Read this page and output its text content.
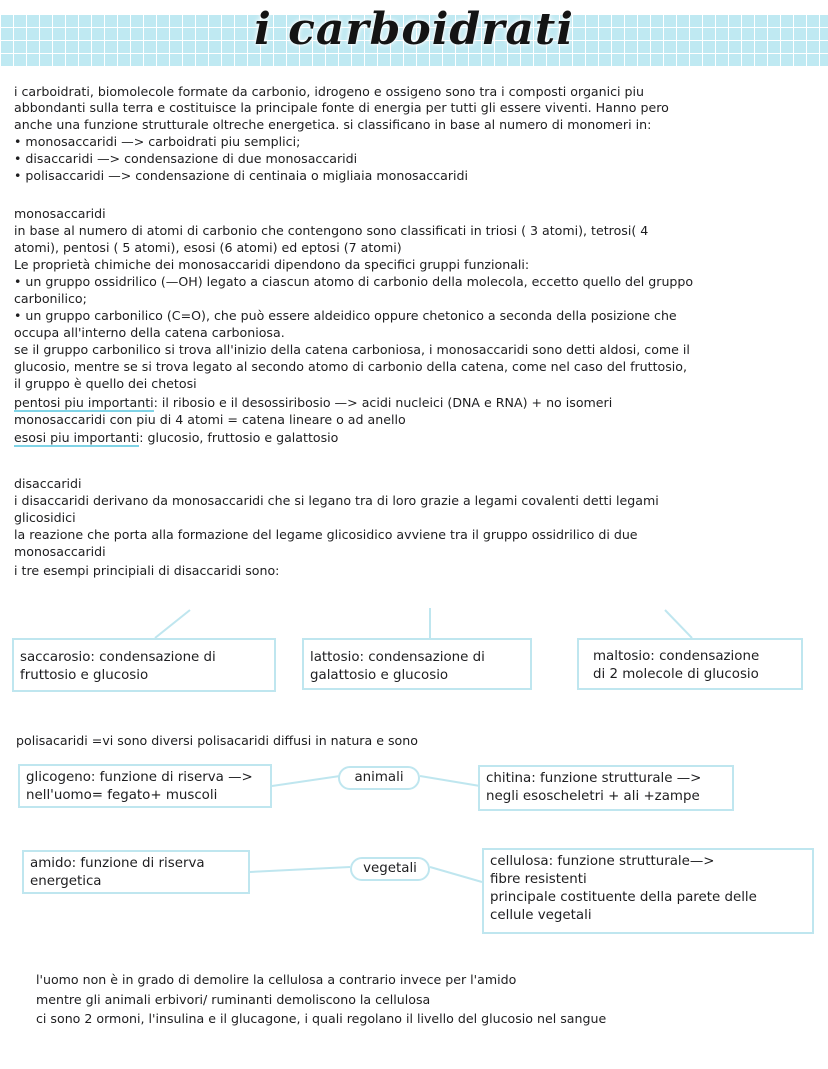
i carboidrati

i carboidrati, biomolecole formate da carbonio, idrogeno e ossigeno sono tra i composti organici piu

abbondanti sulla terra e costituisce la principale fonte di energia per tutti gli essere viventi. Hanno pero

anche una funzione strutturale oltreche energetica. si classificano in base al numero di monomeri in:

• monosaccaridi —> carboidrati piu semplici;

• disaccaridi —> condensazione di due monosaccaridi

• polisaccaridi —> condensazione di centinaia o migliaia monosaccaridi

monosaccaridi

in base al numero di atomi di carbonio che contengono sono classificati in triosi ( 3 atomi), tetrosi( 4

atomi), pentosi ( 5 atomi), esosi (6 atomi) ed eptosi (7 atomi)

Le proprietà chimiche dei monosaccaridi dipendono da specifici gruppi funzionali:

• un gruppo ossidrilico (—OH) legato a ciascun atomo di carbonio della molecola, eccetto quello del gruppo

carbonilico;

• un gruppo carbonilico (C=O), che può essere aldeidico oppure chetonico a seconda della posizione che

occupa all'interno della catena carboniosa.

se il gruppo carbonilico si trova all'inizio della catena carboniosa, i monosaccaridi sono detti aldosi, come il

glucosio, mentre se si trova legato al secondo atomo di carbonio della catena, come nel caso del fruttosio,

il gruppo è quello dei chetosi

pentosi piu importanti: il ribosio e il desossiribosio —> acidi nucleici (DNA e RNA) + no isomeri

monosaccaridi con piu di 4 atomi = catena lineare o ad anello

esosi piu importanti: glucosio, fruttosio e galattosio

disaccaridi

i disaccaridi derivano da monosaccaridi che si legano tra di loro grazie a legami covalenti detti legami

glicosidici

la reazione che porta alla formazione del legame glicosidico avviene tra il gruppo ossidrilico di due

monosaccaridi

i tre esempi principiali di disaccaridi sono:

saccarosio: condensazione di
fruttosio e glucosio
lattosio: condensazione di
galattosio e glucosio
maltosio: condensazione
di 2 molecole di glucosio

polisacaridi =vi sono diversi polisacaridi diffusi in natura e sono

glicogeno: funzione di riserva —>
nell'uomo= fegato+ muscoli
animali	chitina: funzione strutturale —>
negli esoscheletri + ali +zampe
amido: funzione di riserva
energetica
vegetali	cellulosa: funzione strutturale—>
fibre resistenti
principale costituente della parete delle
cellule vegetali

l'uomo non è in grado di demolire la cellulosa a contrario invece per l'amido

mentre gli animali erbivori/ ruminanti demoliscono la cellulosa

ci sono 2 ormoni, l'insulina e il glucagone, i quali regolano il livello del glucosio nel sangue
